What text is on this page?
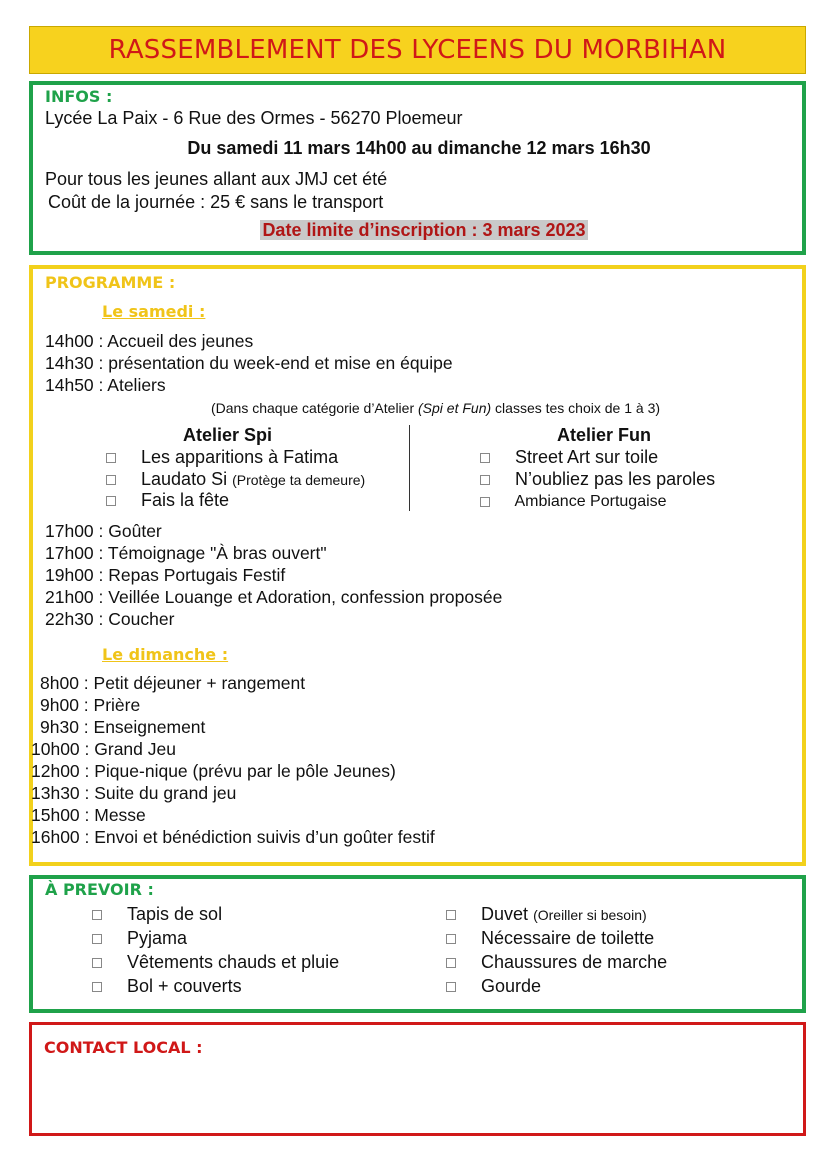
RASSEMBLEMENT DES LYCEENS DU MORBIHAN
INFOS :
Lycée La Paix - 6 Rue des Ormes - 56270 Ploemeur
Du samedi 11 mars 14h00 au dimanche 12 mars 16h30
Pour tous les jeunes allant aux JMJ cet été
Coût de la journée : 25 € sans le transport
Date limite d’inscription : 3 mars 2023
PROGRAMME :
Le samedi :
14h00 : Accueil des jeunes
14h30 : présentation du week-end et mise en équipe
14h50 : Ateliers
(Dans chaque catégorie d’Atelier (Spi et Fun) classes tes choix de 1 à 3)
Atelier Spi
Les apparitions à Fatima
Laudato Si (Protège ta demeure)
Fais la fête
Atelier Fun
Street Art sur toile
N’oubliez pas les paroles
Ambiance Portugaise
17h00 : Goûter
17h00 : Témoignage "À bras ouvert"
19h00 : Repas Portugais Festif
21h00 : Veillée Louange et Adoration, confession proposée
22h30 : Coucher
Le dimanche :
8h00 : Petit déjeuner + rangement
9h00 : Prière
9h30 : Enseignement
10h00 : Grand Jeu
12h00 : Pique-nique (prévu par le pôle Jeunes)
13h30 : Suite du grand jeu
15h00 : Messe
16h00 : Envoi et bénédiction suivis d’un goûter festif
À PREVOIR :
Tapis de sol
Pyjama
Vêtements chauds et pluie
Bol + couverts
Duvet (Oreiller si besoin)
Nécessaire de toilette
Chaussures de marche
Gourde
CONTACT LOCAL :
